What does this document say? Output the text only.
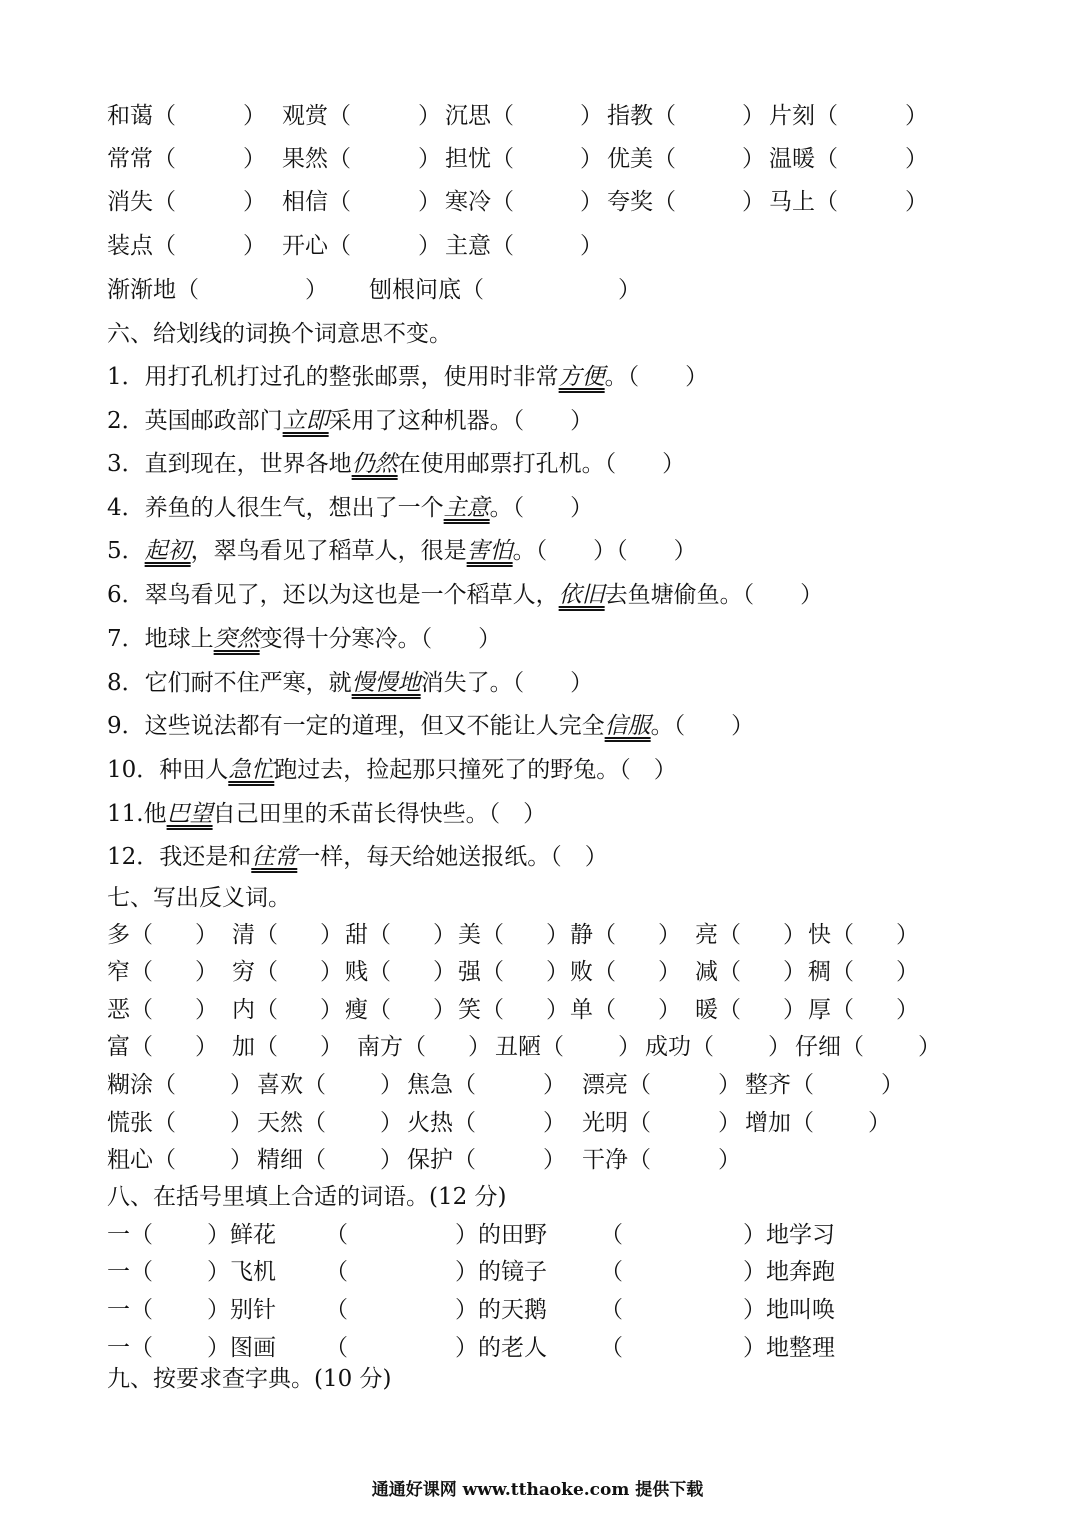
和蔼（	） 观赏（	） 沉思（	） 指教（	） 片刻（	）
常常（	） 果然（	） 担忧（	） 优美（	） 温暖（	）
消失（	） 相信（	） 寒冷（	） 夸奖（	） 马上（	）
装点（	） 开心（	） 主意（	）
渐渐地（	） 刨根问底（	）
六、给划线的词换个词意思不变。
1．用打孔机打过孔的整张邮票，使用时非常方便。（　　）
2．英国邮政部门立即采用了这种机器。（　　）
3．直到现在，世界各地仍然在使用邮票打孔机。（　　）
4．养鱼的人很生气，想出了一个主意。（　　）
5．起初，翠鸟看见了稻草人，很是害怕。（　　）（　　）
6．翠鸟看见了，还以为这也是一个稻草人，依旧去鱼塘偷鱼。（　　）
7．地球上突然变得十分寒冷。（　　）
8．它们耐不住严寒，就慢慢地消失了。（　　）
9．这些说法都有一定的道理，但又不能让人完全信服。（　　）
10．种田人急忙跑过去，捡起那只撞死了的野兔。（　）
11.他巴望自己田里的禾苗长得快些。（　）
12．我还是和往常一样，每天给她送报纸。（　）
七、写出反义词。
多（ ） 清（ ） 甜（ ） 美（ ） 静（ ） 亮（ ） 快（ ）
窄（ ） 穷（ ） 贱（ ） 强（ ） 败（ ） 减（ ） 稠（ ）
恶（ ） 内（ ） 瘦（ ） 笑（ ） 单（ ） 暖（ ） 厚（ ）
富（ ） 加（ ） 南方（ ） 丑陋（ ） 成功（ ） 仔细（ ）
糊涂（ ） 喜欢（ ） 焦急（	） 漂亮（	） 整齐（	）
慌张（ ） 天然（ ） 火热（	） 光明（	） 增加（ ）
粗心（ ） 精细（ ） 保护（	） 干净（	）
八、在括号里填上合适的词语。(12 分)
一（ ）鲜花 （	）的田野 （	）地学习
一（ ）飞机 （	）的镜子 （	）地奔跑
一（ ）别针 （	）的天鹅 （	）地叫唤
一（ ）图画 （	）的老人 （	）地整理
九、按要求查字典。(10 分)
通通好课网 www.tthaoke.com 提供下载
